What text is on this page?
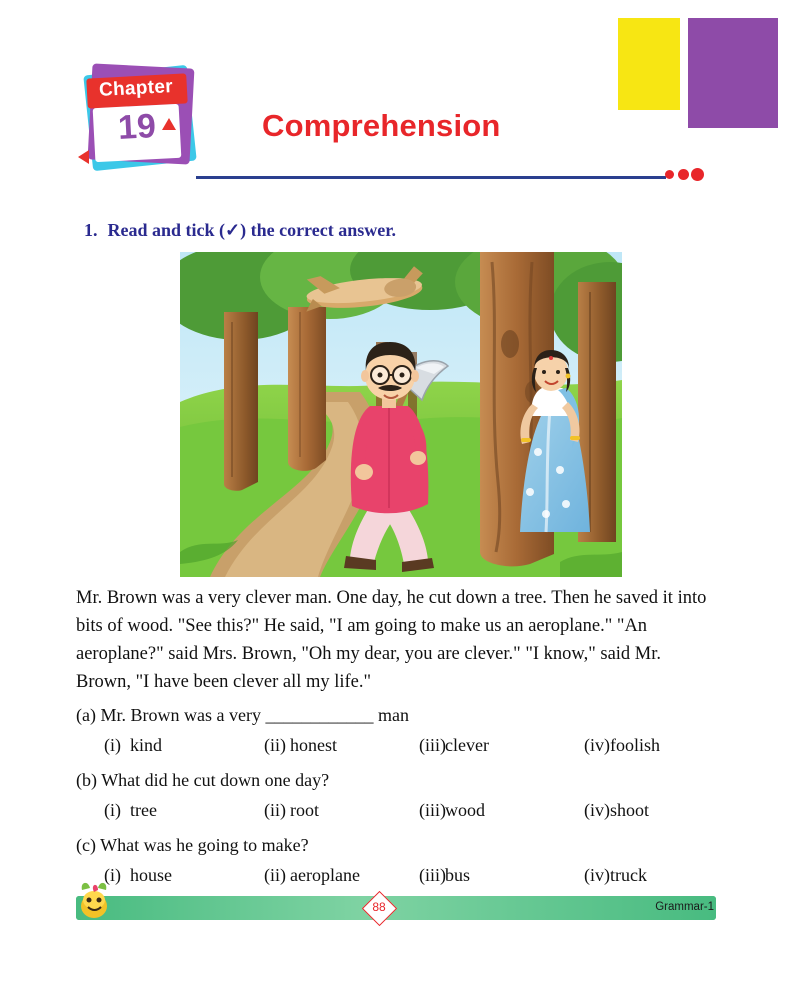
Chapter
19	Comprehension
1. Read and tick (✓) the correct answer.
Mr. Brown was a very clever man. One day, he cut down a tree. Then he saved it into bits of wood. "See this?" He said, "I am going to make us an aeroplane." "An aeroplane?" said Mrs. Brown, "Oh my dear, you are clever." "I know," said Mr. Brown, "I have been clever all my life."
(a) Mr. Brown was a very ____________ man
(i) kind	(ii) honest	(iii) clever	(iv) foolish
(b) What did he cut down one day?
(i) tree	(ii) root	(iii) wood	(iv) shoot
(c) What was he going to make?
(i) house	(ii) aeroplane	(iii) bus	(iv) truck
88	Grammar-1
